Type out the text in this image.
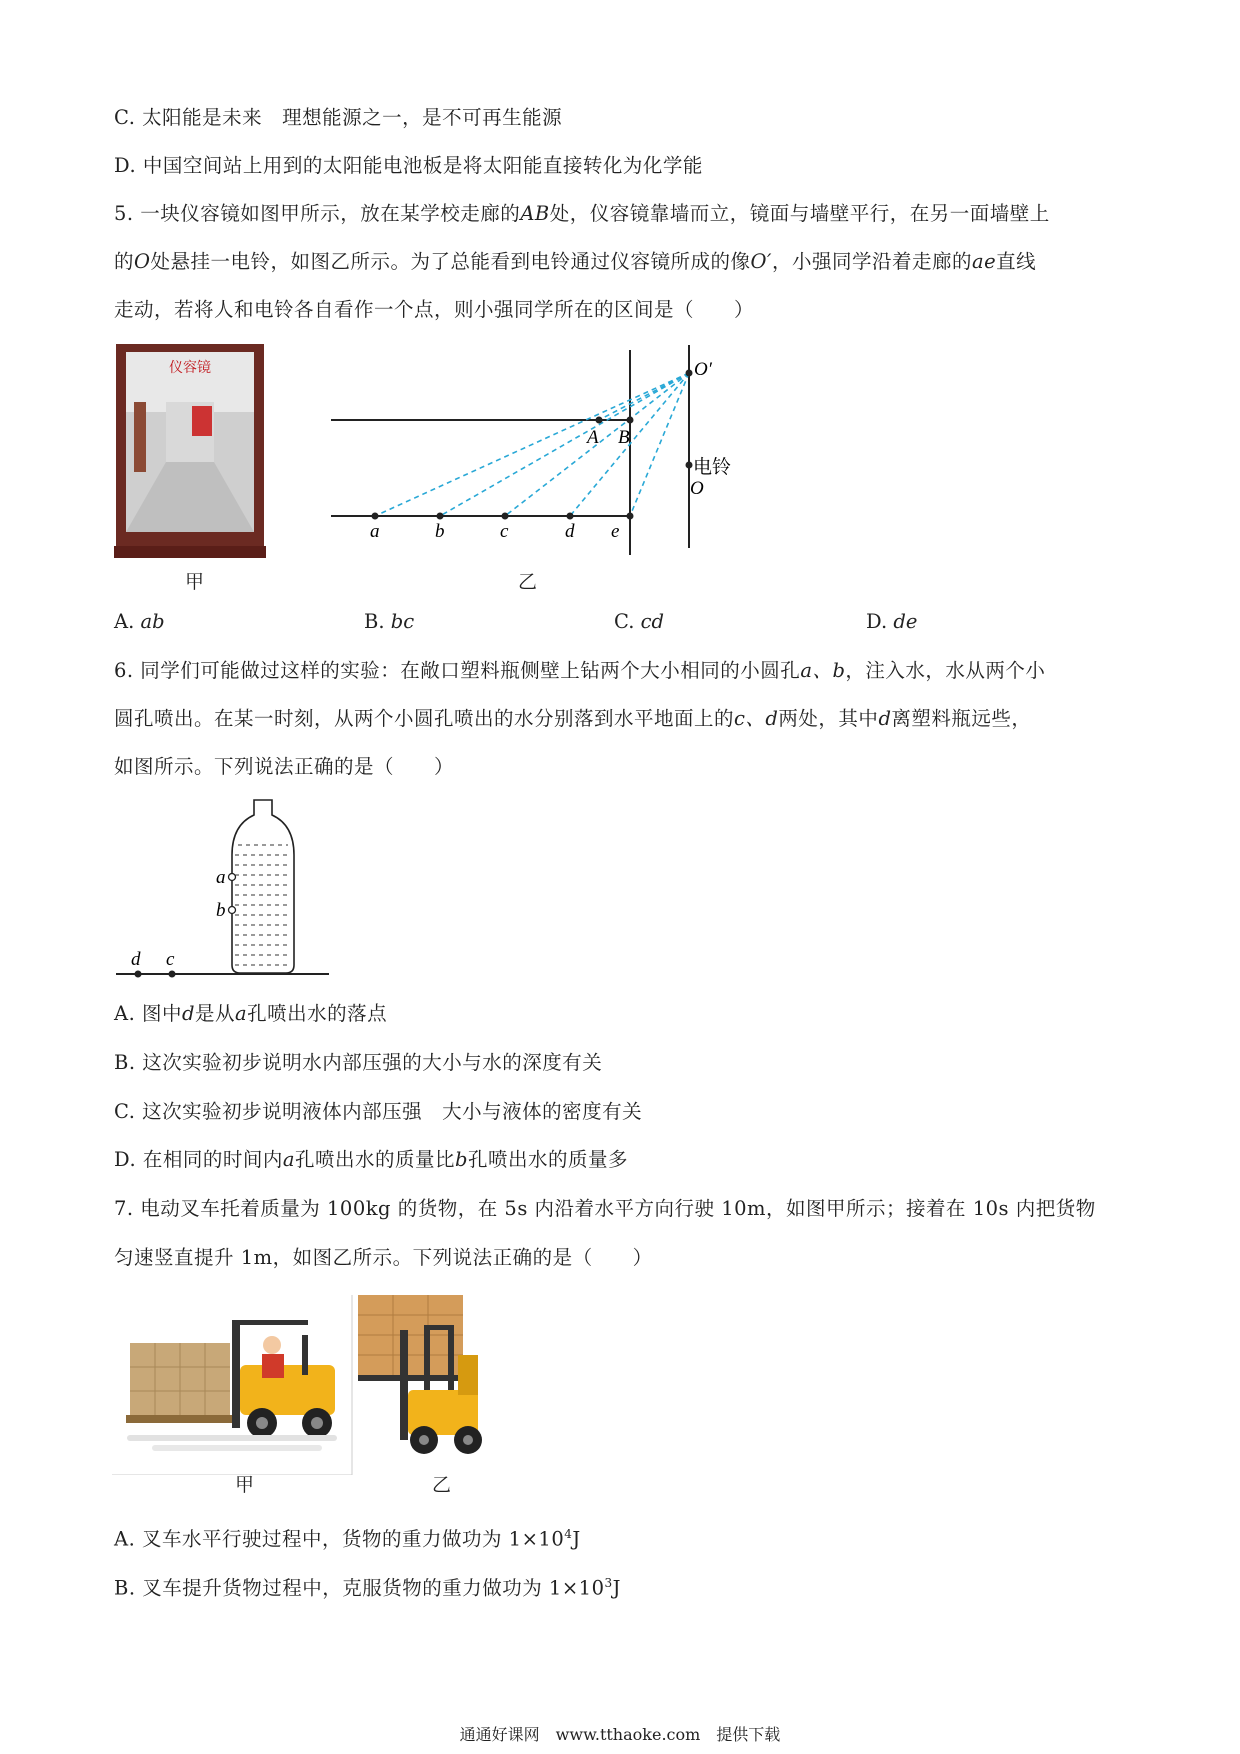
C. 太阳能是未来　理想能源之一，是不可再生能源
D. 中国空间站上用到的太阳能电池板是将太阳能直接转化为化学能
5. 一块仪容镜如图甲所示，放在某学校走廊的AB处，仪容镜靠墙而立，镜面与墙壁平行，在另一面墙壁上
的O处悬挂一电铃，如图乙所示。为了总能看到电铃通过仪容镜所成的像O′，小强同学沿着走廊的ae直线
走动，若将人和电铃各自看作一个点，则小强同学所在的区间是（　　）
仪容镜
甲
O′
A B
电铃
O
a	b	c	d e
乙
A. ab	B. bc	C. cd	D. de
6. 同学们可能做过这样的实验：在敞口塑料瓶侧壁上钻两个大小相同的小圆孔a、b，注入水，水从两个小
圆孔喷出。在某一时刻，从两个小圆孔喷出的水分别落到水平地面上的c、d两处，其中d离塑料瓶远些，
如图所示。下列说法正确的是（　　）
a
b
d c
A. 图中d是从a孔喷出水的落点
B. 这次实验初步说明水内部压强的大小与水的深度有关
C. 这次实验初步说明液体内部压强　大小与液体的密度有关
D. 在相同的时间内a孔喷出水的质量比b孔喷出水的质量多
7. 电动叉车托着质量为 100kg 的货物，在 5s 内沿着水平方向行驶 10m，如图甲所示；接着在 10s 内把货物
匀速竖直提升 1m，如图乙所示。下列说法正确的是（　　）
甲	乙
A. 叉车水平行驶过程中，货物的重力做功为 $1\times 10^4J$
B. 叉车提升货物过程中，克服货物的重力做功为 $1\times 10^3J$
通通好课网　www.tthaoke.com　提供下载
